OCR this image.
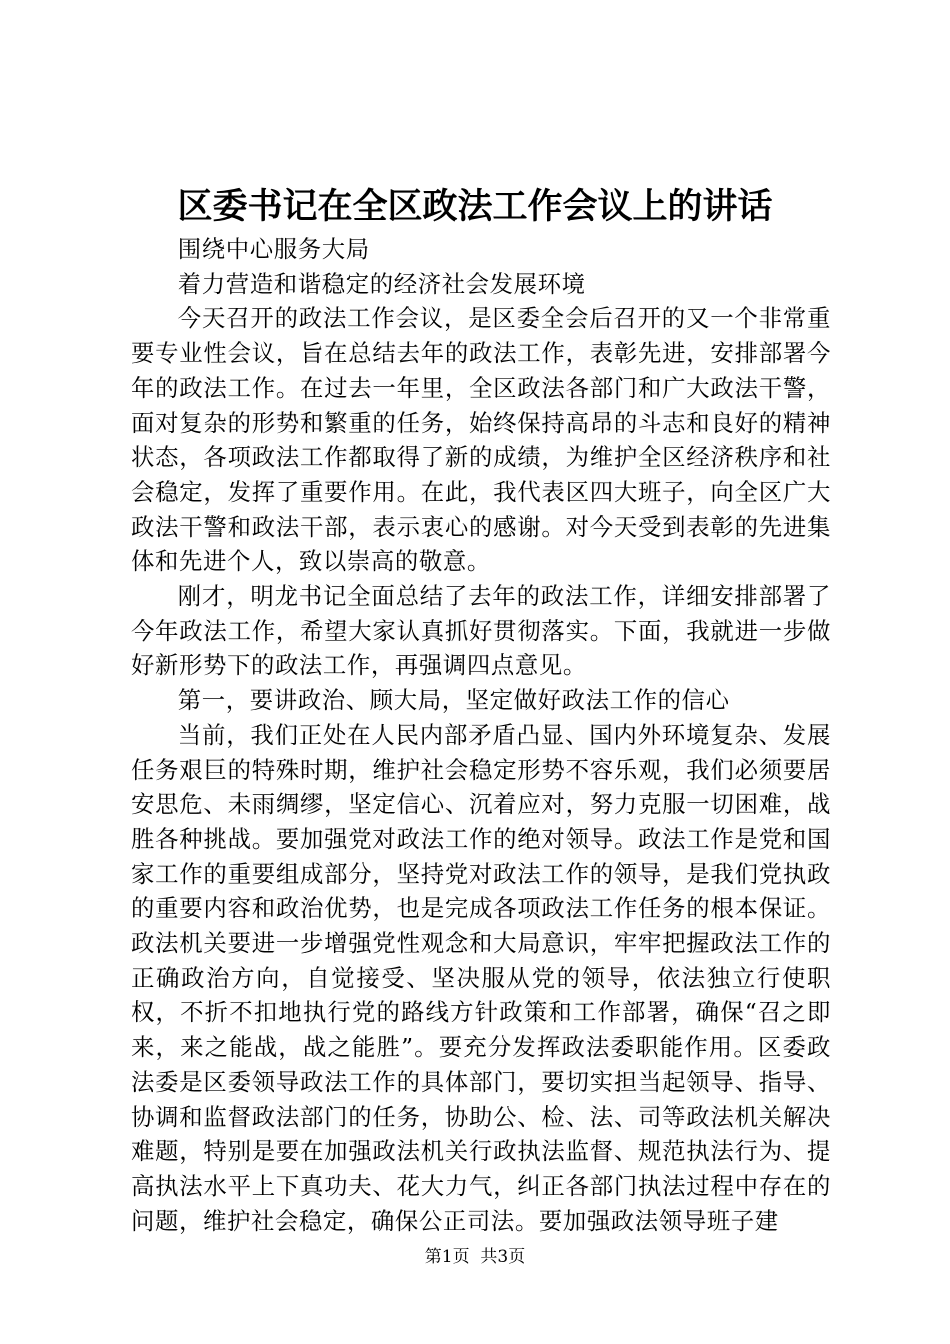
区委书记在全区政法工作会议上的讲话

围绕中心服务大局

着力营造和谐稳定的经济社会发展环境

今天召开的政法工作会议，是区委全会后召开的又一个非常重要专业性会议，旨在总结去年的政法工作，表彰先进，安排部署今年的政法工作。在过去一年里，全区政法各部门和广大政法干警，面对复杂的形势和繁重的任务，始终保持高昂的斗志和良好的精神状态，各项政法工作都取得了新的成绩，为维护全区经济秩序和社会稳定，发挥了重要作用。在此，我代表区四大班子，向全区广大政法干警和政法干部，表示衷心的感谢。对今天受到表彰的先进集体和先进个人，致以崇高的敬意。

刚才，明龙书记全面总结了去年的政法工作，详细安排部署了今年政法工作，希望大家认真抓好贯彻落实。下面，我就进一步做好新形势下的政法工作，再强调四点意见。

第一，要讲政治、顾大局，坚定做好政法工作的信心

当前，我们正处在人民内部矛盾凸显、国内外环境复杂、发展任务艰巨的特殊时期，维护社会稳定形势不容乐观，我们必须要居安思危、未雨绸缪，坚定信心、沉着应对，努力克服一切困难，战胜各种挑战。要加强党对政法工作的绝对领导。政法工作是党和国家工作的重要组成部分，坚持党对政法工作的领导，是我们党执政的重要内容和政治优势，也是完成各项政法工作任务的根本保证。政法机关要进一步增强党性观念和大局意识，牢牢把握政法工作的正确政治方向，自觉接受、坚决服从党的领导，依法独立行使职权，不折不扣地执行党的路线方针政策和工作部署，确保“召之即来，来之能战，战之能胜”。要充分发挥政法委职能作用。区委政法委是区委领导政法工作的具体部门，要切实担当起领导、指导、协调和监督政法部门的任务，协助公、检、法、司等政法机关解决难题，特别是要在加强政法机关行政执法监督、规范执法行为、提高执法水平上下真功夫、花大力气，纠正各部门执法过程中存在的问题，维护社会稳定，确保公正司法。要加强政法领导班子建

第1页 共3页
